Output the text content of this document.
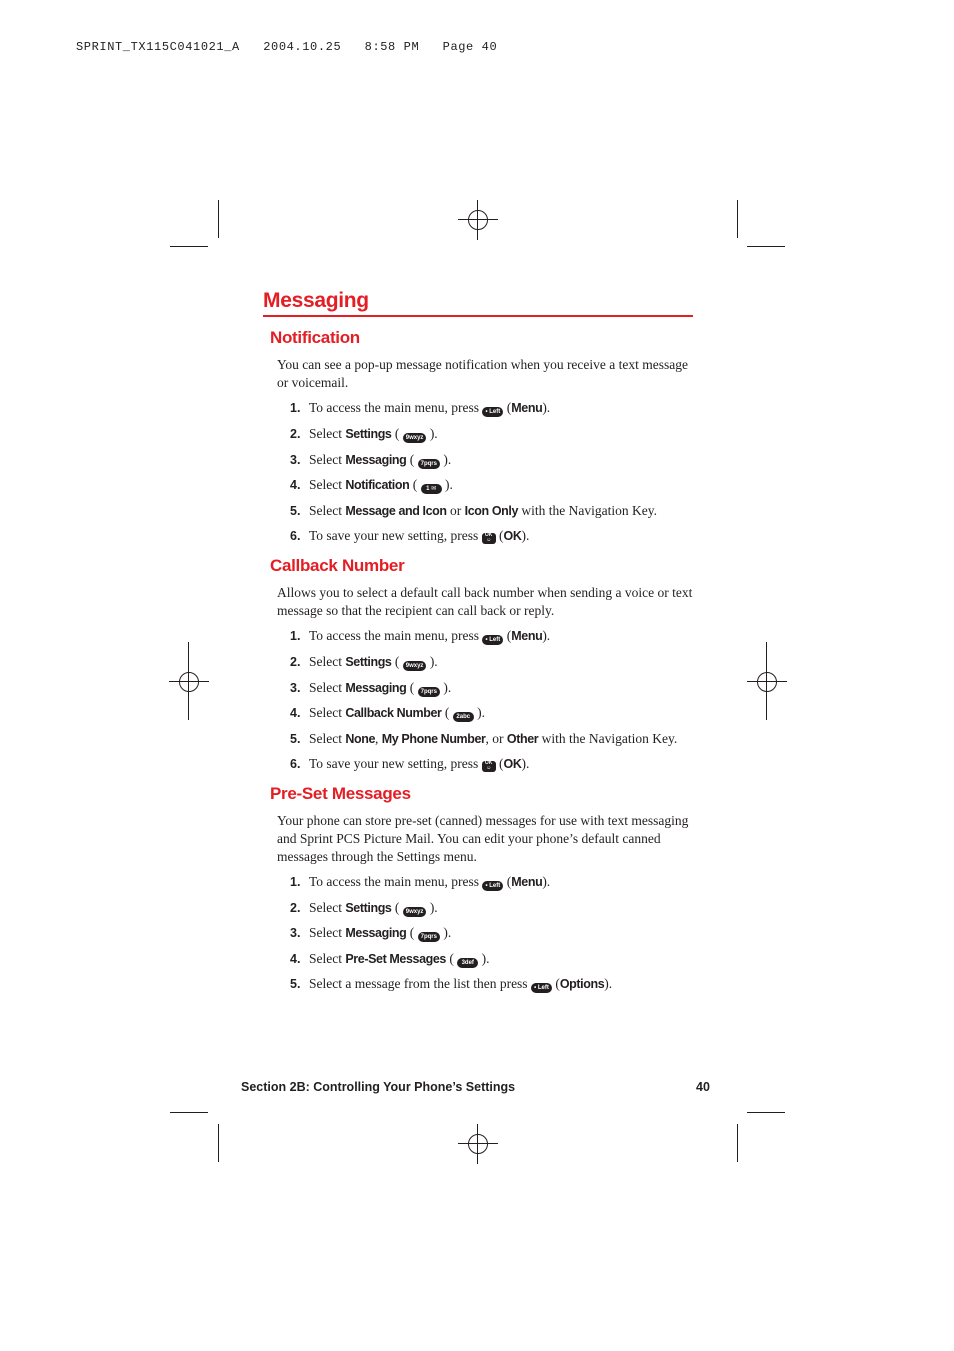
SPRINT_TX115C041021_A   2004.10.25   8:58 PM   Page 40
Messaging
Notification
You can see a pop-up message notification when you receive a text message or voicemail.
1. To access the main menu, press • Left (Menu).
2. Select Settings ( 9wxyz ).
3. Select Messaging ( 7pqrs ).
4. Select Notification ( 1 ✉ ).
5. Select Message and Icon or Icon Only with the Navigation Key.
6. To save your new setting, press OK
☺ (OK).
Callback Number
Allows you to select a default call back number when sending a voice or text message so that the recipient can call back or reply.
1. To access the main menu, press • Left (Menu).
2. Select Settings ( 9wxyz ).
3. Select Messaging ( 7pqrs ).
4. Select Callback Number ( 2abc ).
5. Select None, My Phone Number, or Other with the Navigation Key.
6. To save your new setting, press OK
☺ (OK).
Pre-Set Messages
Your phone can store pre-set (canned) messages for use with text messaging and Sprint PCS Picture Mail. You can edit your phone’s default canned messages through the Settings menu.
1. To access the main menu, press • Left (Menu).
2. Select Settings ( 9wxyz ).
3. Select Messaging ( 7pqrs ).
4. Select Pre-Set Messages ( 3def ).
5. Select a message from the list then press • Left (Options).
Section 2B: Controlling Your Phone’s Settings	40
